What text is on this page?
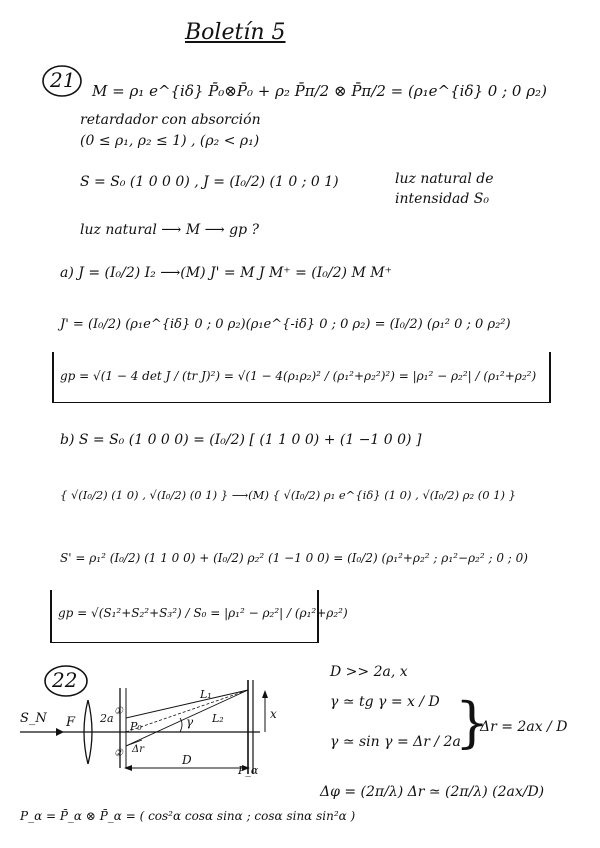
Boletín 5
21 M = ρ₁ e^{iδ} P̄₀⊗P̄₀ + ρ₂ P̄π/2 ⊗ P̄π/2 = (ρ₁e^{iδ} 0 ; 0 ρ₂)
retardador con absorción
(0 ≤ ρ₁, ρ₂ ≤ 1) , (ρ₂ < ρ₁)
S = S₀ (1 0 0 0) , J = (I₀/2) (1 0 ; 0 1)	luz natural de
intensidad S₀
luz natural ⟶ M ⟶ gp ?
a) J = (I₀/2) I₂ ⟶(M) J' = M J M⁺ = (I₀/2) M M⁺
J' = (I₀/2) (ρ₁e^{iδ} 0 ; 0 ρ₂)(ρ₁e^{-iδ} 0 ; 0 ρ₂) = (I₀/2) (ρ₁² 0 ; 0 ρ₂²)
gp = √(1 − 4 det J / (tr J)²) = √(1 − 4(ρ₁ρ₂)² / (ρ₁²+ρ₂²)²) = |ρ₁² − ρ₂²| / (ρ₁²+ρ₂²)
b) S = S₀ (1 0 0 0) = (I₀/2) [ (1 1 0 0) + (1 −1 0 0) ]
{ √(I₀/2) (1 0) , √(I₀/2) (0 1) } ⟶(M) { √(I₀/2) ρ₁ e^{iδ} (1 0) , √(I₀/2) ρ₂ (0 1) }
S' = ρ₁² (I₀/2) (1 1 0 0) + (I₀/2) ρ₂² (1 −1 0 0) = (I₀/2) (ρ₁²+ρ₂² ; ρ₁²−ρ₂² ; 0 ; 0)
gp = √(S₁²+S₂²+S₃²) / S₀ = |ρ₁² − ρ₂²| / (ρ₁²+ρ₂²)
22
S_N F 2a
①
②
P₀
Δr
γ
L₁
L₂	x
D
P_α
D >> 2a, x
γ ≃ tg γ = x / D
γ ≃ sin γ = Δr / 2a
}
Δr = 2ax / D
Δφ = (2π/λ) Δr ≃ (2π/λ) (2ax/D)
P_α = P̄_α ⊗ P̄_α = ( cos²α cosα sinα ; cosα sinα sin²α )
